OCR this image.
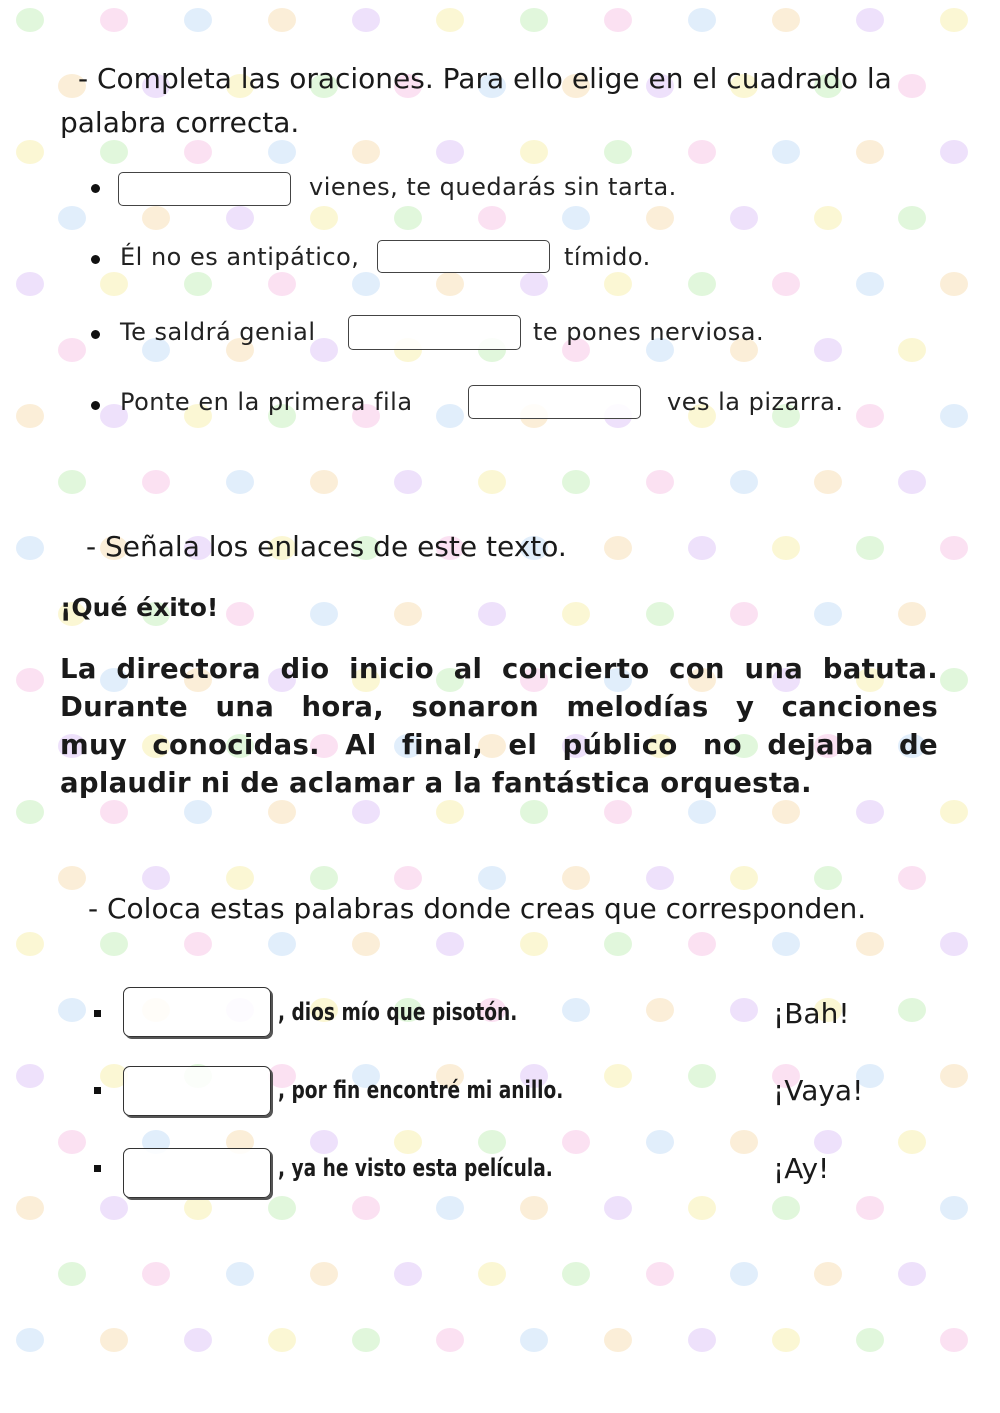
- Completa las oraciones. Para ello elige en el cuadrado la
palabra correcta.
vienes, te quedarás sin tarta.
Él no es antipático,	tímido.
Te saldrá genial	te pones nerviosa.
Ponte en la primera fila	ves la pizarra.
- Señala los enlaces de este texto.
¡Qué éxito!
La directora dio inicio al concierto con una batuta.
Durante una hora, sonaron melodías y canciones
muy conocidas. Al final, el público no dejaba de
aplaudir ni de aclamar a la fantástica orquesta.
- Coloca estas palabras donde creas que corresponden.
, dios mío que pisotón.	¡Bah!
, por fin encontré mi anillo.	¡Vaya!
, ya he visto esta película.	¡Ay!
